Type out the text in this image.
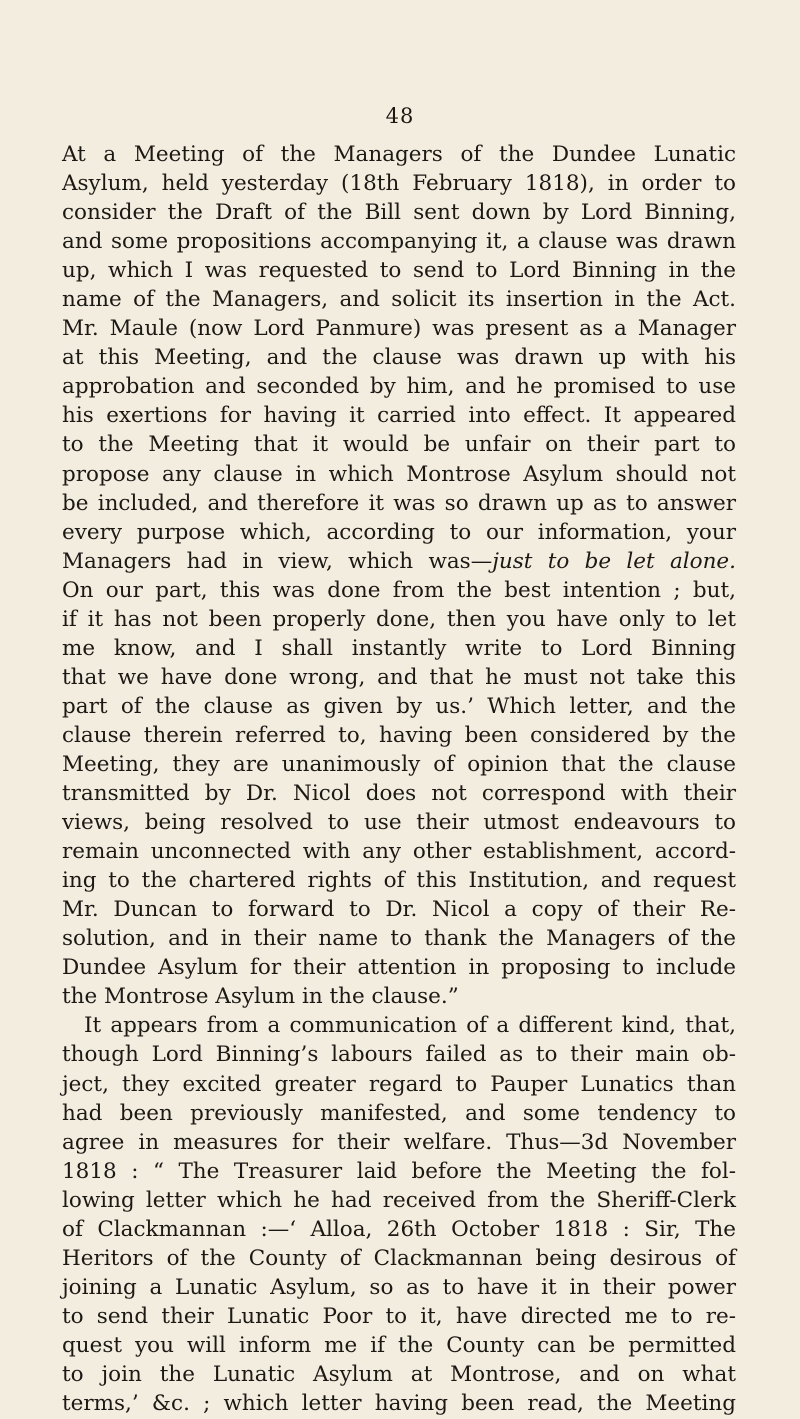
48
At a Meeting of the Managers of the Dundee Lunatic
Asylum, held yesterday (18th February 1818), in order to
consider the Draft of the Bill sent down by Lord Binning,
and some propositions accompanying it, a clause was drawn
up, which I was requested to send to Lord Binning in the
name of the Managers, and solicit its insertion in the Act.
Mr. Maule (now Lord Panmure) was present as a Manager
at this Meeting, and the clause was drawn up with his
approbation and seconded by him, and he promised to use
his exertions for having it carried into effect. It appeared
to the Meeting that it would be unfair on their part to
propose any clause in which Montrose Asylum should not
be included, and therefore it was so drawn up as to answer
every purpose which, according to our information, your
Managers had in view, which was—just to be let alone.
On our part, this was done from the best intention ; but,
if it has not been properly done, then you have only to let
me know, and I shall instantly write to Lord Binning
that we have done wrong, and that he must not take this
part of the clause as given by us.’ Which letter, and the
clause therein referred to, having been considered by the
Meeting, they are unanimously of opinion that the clause
transmitted by Dr. Nicol does not correspond with their
views, being resolved to use their utmost endeavours to
remain unconnected with any other establishment, accord-
ing to the chartered rights of this Institution, and request
Mr. Duncan to forward to Dr. Nicol a copy of their Re-
solution, and in their name to thank the Managers of the
Dundee Asylum for their attention in proposing to include
the Montrose Asylum in the clause.”
It appears from a communication of a different kind, that,
though Lord Binning’s labours failed as to their main ob-
ject, they excited greater regard to Pauper Lunatics than
had been previously manifested, and some tendency to
agree in measures for their welfare. Thus—3d November
1818 : “ The Treasurer laid before the Meeting the fol-
lowing letter which he had received from the Sheriff-Clerk
of Clackmannan :—‘ Alloa, 26th October 1818 : Sir, The
Heritors of the County of Clackmannan being desirous of
joining a Lunatic Asylum, so as to have it in their power
to send their Lunatic Poor to it, have directed me to re-
quest you will inform me if the County can be permitted
to join the Lunatic Asylum at Montrose, and on what
terms,’ &c. ; which letter having been read, the Meeting
